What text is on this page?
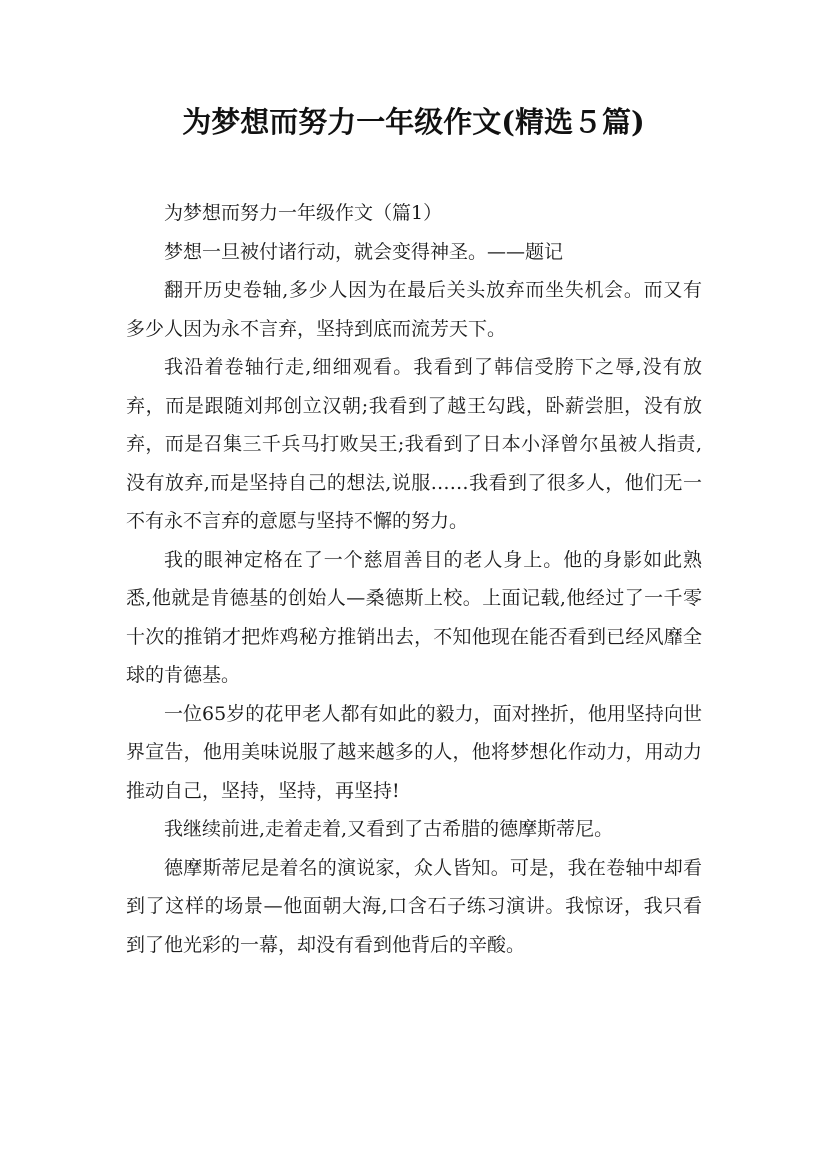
为梦想而努力一年级作文(精选５篇)

为梦想而努力一年级作文（篇1）

梦想一旦被付诸行动，就会变得神圣。——题记

翻开历史卷轴,多少人因为在最后关头放弃而坐失机会。而又有多少人因为永不言弃，坚持到底而流芳天下。

我沿着卷轴行走,细细观看。我看到了韩信受胯下之辱,没有放弃，而是跟随刘邦创立汉朝;我看到了越王勾践，卧薪尝胆，没有放弃，而是召集三千兵马打败吴王;我看到了日本小泽曾尔虽被人指责,没有放弃,而是坚持自己的想法,说服……我看到了很多人，他们无一不有永不言弃的意愿与坚持不懈的努力。

我的眼神定格在了一个慈眉善目的老人身上。他的身影如此熟悉,他就是肯德基的创始人—桑德斯上校。上面记载,他经过了一千零十次的推销才把炸鸡秘方推销出去，不知他现在能否看到已经风靡全球的肯德基。

一位65岁的花甲老人都有如此的毅力，面对挫折，他用坚持向世界宣告，他用美味说服了越来越多的人，他将梦想化作动力，用动力推动自己，坚持，坚持，再坚持!

我继续前进,走着走着,又看到了古希腊的德摩斯蒂尼。

德摩斯蒂尼是着名的演说家，众人皆知。可是，我在卷轴中却看到了这样的场景—他面朝大海,口含石子练习演讲。我惊讶，我只看到了他光彩的一幕，却没有看到他背后的辛酸。
